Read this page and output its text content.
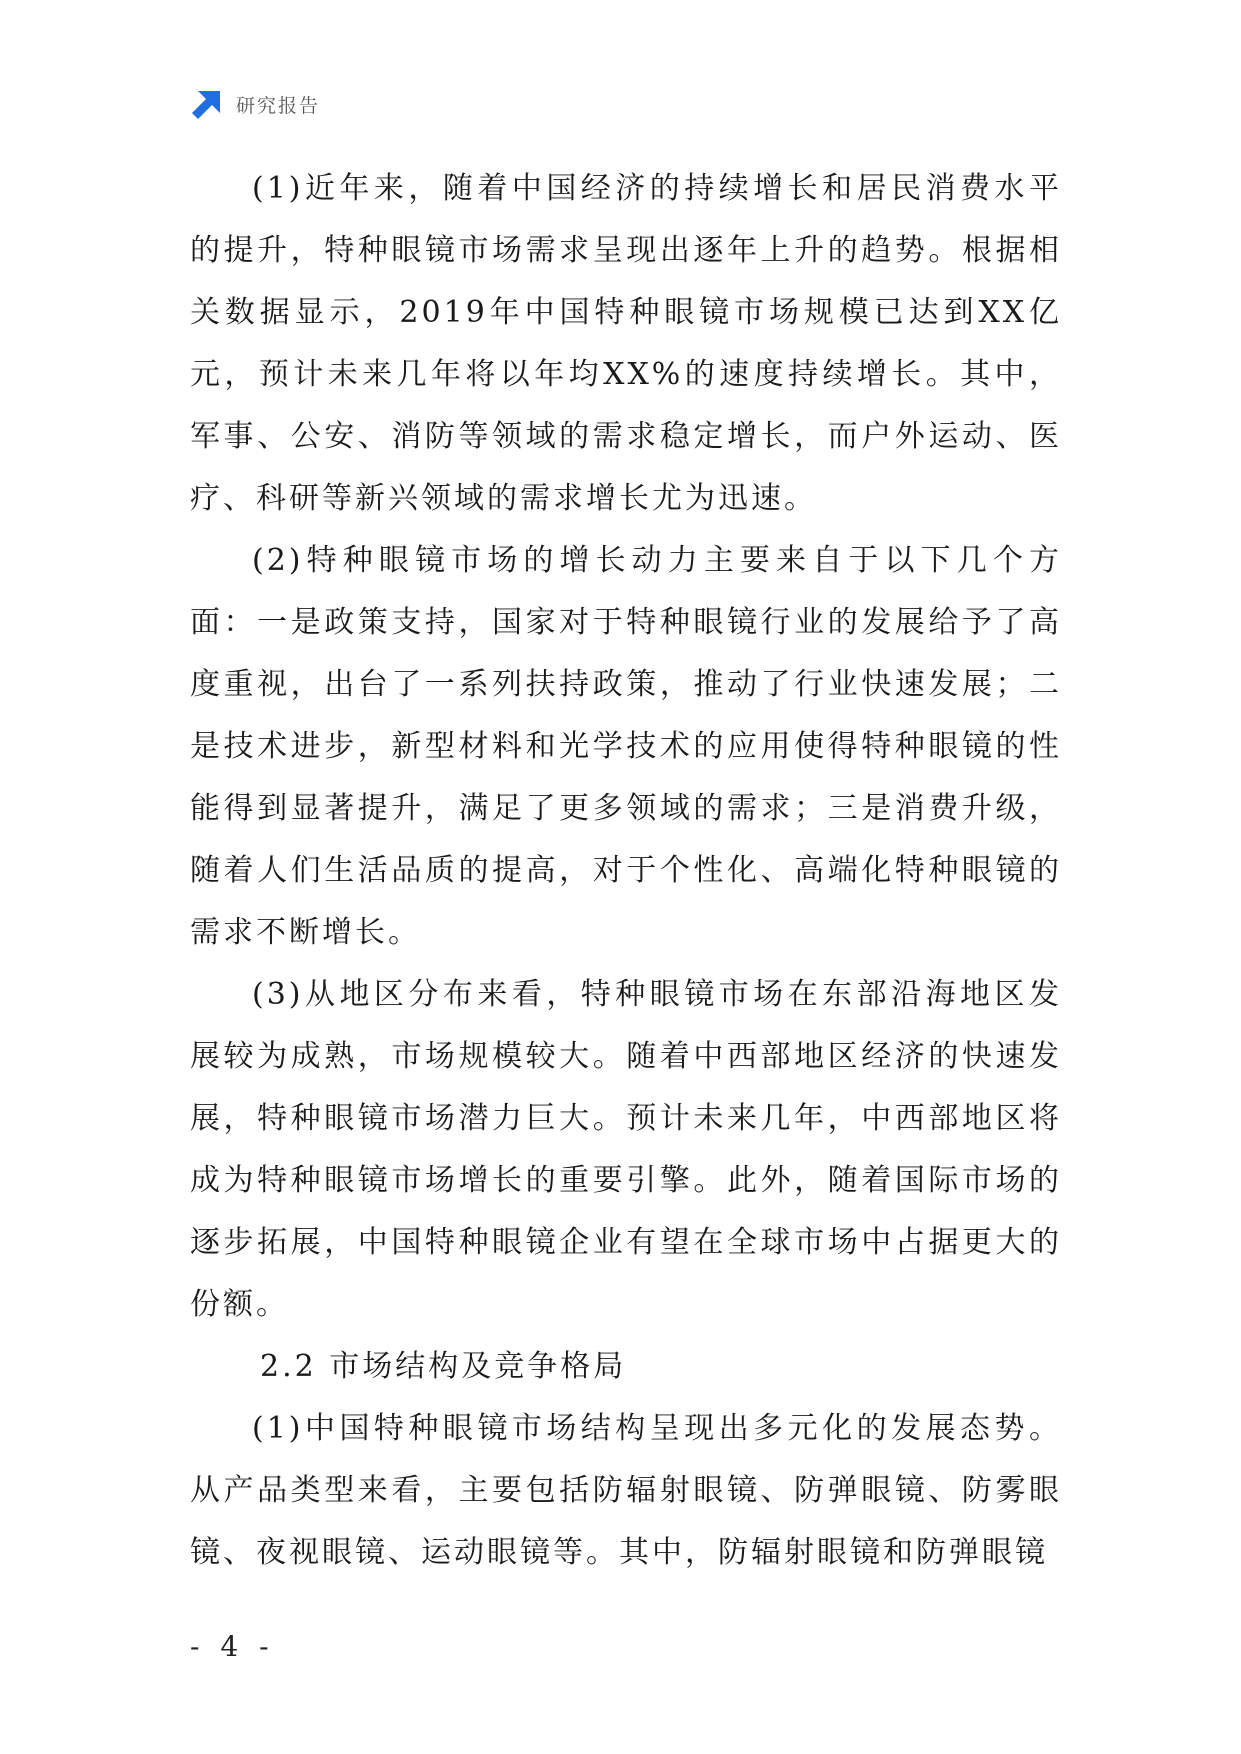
研究报告

(1)近年来，随着中国经济的持续增长和居民消费水平的提升，特种眼镜市场需求呈现出逐年上升的趋势。根据相关数据显示，2019年中国特种眼镜市场规模已达到XX亿元，预计未来几年将以年均XX%的速度持续增长。其中，军事、公安、消防等领域的需求稳定增长，而户外运动、医疗、科研等新兴领域的需求增长尤为迅速。

(2)特种眼镜市场的增长动力主要来自于以下几个方面：一是政策支持，国家对于特种眼镜行业的发展给予了高度重视，出台了一系列扶持政策，推动了行业快速发展；二是技术进步，新型材料和光学技术的应用使得特种眼镜的性能得到显著提升，满足了更多领域的需求；三是消费升级，随着人们生活品质的提高，对于个性化、高端化特种眼镜的需求不断增长。

(3)从地区分布来看，特种眼镜市场在东部沿海地区发展较为成熟，市场规模较大。随着中西部地区经济的快速发展，特种眼镜市场潜力巨大。预计未来几年，中西部地区将成为特种眼镜市场增长的重要引擎。此外，随着国际市场的逐步拓展，中国特种眼镜企业有望在全球市场中占据更大的份额。

2.2 市场结构及竞争格局

(1)中国特种眼镜市场结构呈现出多元化的发展态势。从产品类型来看，主要包括防辐射眼镜、防弹眼镜、防雾眼镜、夜视眼镜、运动眼镜等。其中，防辐射眼镜和防弹眼镜

- 4 -
